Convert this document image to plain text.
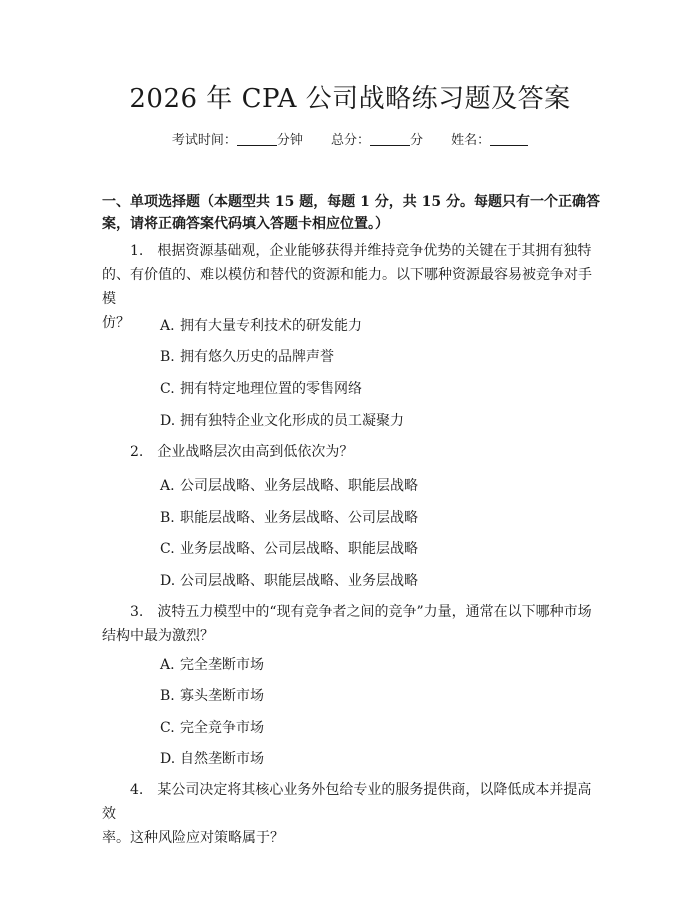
2026 年 CPA 公司战略练习题及答案
考试时间：	分钟 总分：	分 姓名：
一、单项选择题（本题型共 15 题，每题 1 分，共 15 分。每题只有一个正确答
案，请将正确答案代码填入答题卡相应位置。）
1. 根据资源基础观，企业能够获得并维持竞争优势的关键在于其拥有独特
的、有价值的、难以模仿和替代的资源和能力。以下哪种资源最容易被竞争对手模
仿？	A. 拥有大量专利技术的研发能力
B. 拥有悠久历史的品牌声誉
C. 拥有特定地理位置的零售网络
D. 拥有独特企业文化形成的员工凝聚力
2. 企业战略层次由高到低依次为？
A. 公司层战略、业务层战略、职能层战略
B. 职能层战略、业务层战略、公司层战略
C. 业务层战略、公司层战略、职能层战略
D. 公司层战略、职能层战略、业务层战略
3. 波特五力模型中的“现有竞争者之间的竞争”力量，通常在以下哪种市场
结构中最为激烈？
A. 完全垄断市场
B. 寡头垄断市场
C. 完全竞争市场
D. 自然垄断市场
4. 某公司决定将其核心业务外包给专业的服务提供商，以降低成本并提高效
率。这种风险应对策略属于？
